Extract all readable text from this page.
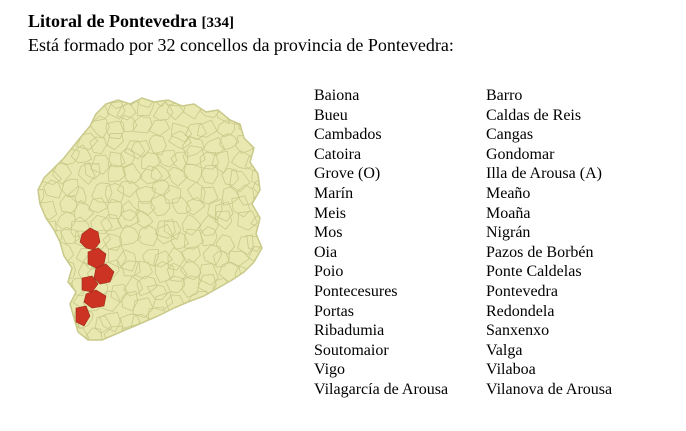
Litoral de Pontevedra [334]
Está formado por 32 concellos da provincia de Pontevedra:
Baiona
Bueu
Cambados
Catoira
Grove (O)
Marín
Meis
Mos
Oia
Poio
Pontecesures
Portas
Ribadumia
Soutomaior
Vigo
Vilagarcía de Arousa
Barro
Caldas de Reis
Cangas
Gondomar
Illa de Arousa (A)
Meaño
Moaña
Nigrán
Pazos de Borbén
Ponte Caldelas
Pontevedra
Redondela
Sanxenxo
Valga
Vilaboa
Vilanova de Arousa
